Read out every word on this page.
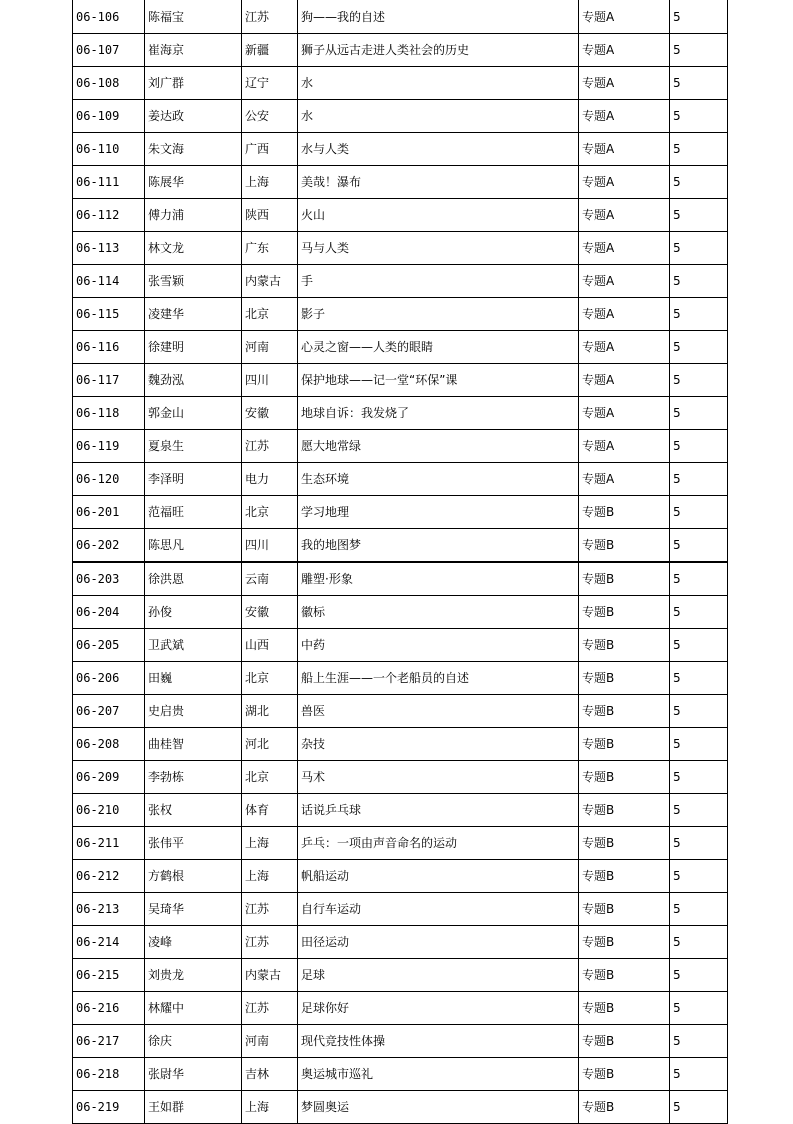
06-106	陈福宝	江苏	狗——我的自述	专题A	5
06-107	崔海京	新疆	狮子从远古走进人类社会的历史	专题A	5
06-108	刘广群	辽宁	水	专题A	5
06-109	姜达政	公安	水	专题A	5
06-110	朱文海	广西	水与人类	专题A	5
06-111	陈展华	上海	美哉！瀑布	专题A	5
06-112	傅力浦	陕西	火山	专题A	5
06-113	林文龙	广东	马与人类	专题A	5
06-114	张雪颖	内蒙古	手	专题A	5
06-115	凌建华	北京	影子	专题A	5
06-116	徐建明	河南	心灵之窗——人类的眼睛	专题A	5
06-117	魏劲泓	四川	保护地球——记一堂“环保”课	专题A	5
06-118	郭金山	安徽	地球自诉：我发烧了	专题A	5
06-119	夏泉生	江苏	愿大地常绿	专题A	5
06-120	李泽明	电力	生态环境	专题A	5
06-201	范福旺	北京	学习地理	专题B	5
06-202	陈思凡	四川	我的地图梦	专题B	5
06-203	徐洪恩	云南	雕塑·形象	专题B	5
06-204	孙俊	安徽	徽标	专题B	5
06-205	卫武斌	山西	中药	专题B	5
06-206	田巍	北京	船上生涯——一个老船员的自述	专题B	5
06-207	史启贵	湖北	兽医	专题B	5
06-208	曲桂智	河北	杂技	专题B	5
06-209	李勃栋	北京	马术	专题B	5
06-210	张权	体育	话说乒乓球	专题B	5
06-211	张伟平	上海	乒乓：一项由声音命名的运动	专题B	5
06-212	方鹤根	上海	帆船运动	专题B	5
06-213	吴琦华	江苏	自行车运动	专题B	5
06-214	凌峰	江苏	田径运动	专题B	5
06-215	刘贵龙	内蒙古	足球	专题B	5
06-216	林耀中	江苏	足球你好	专题B	5
06-217	徐庆	河南	现代竞技性体操	专题B	5
06-218	张尉华	吉林	奥运城市巡礼	专题B	5
06-219	王如群	上海	梦圆奥运	专题B	5
